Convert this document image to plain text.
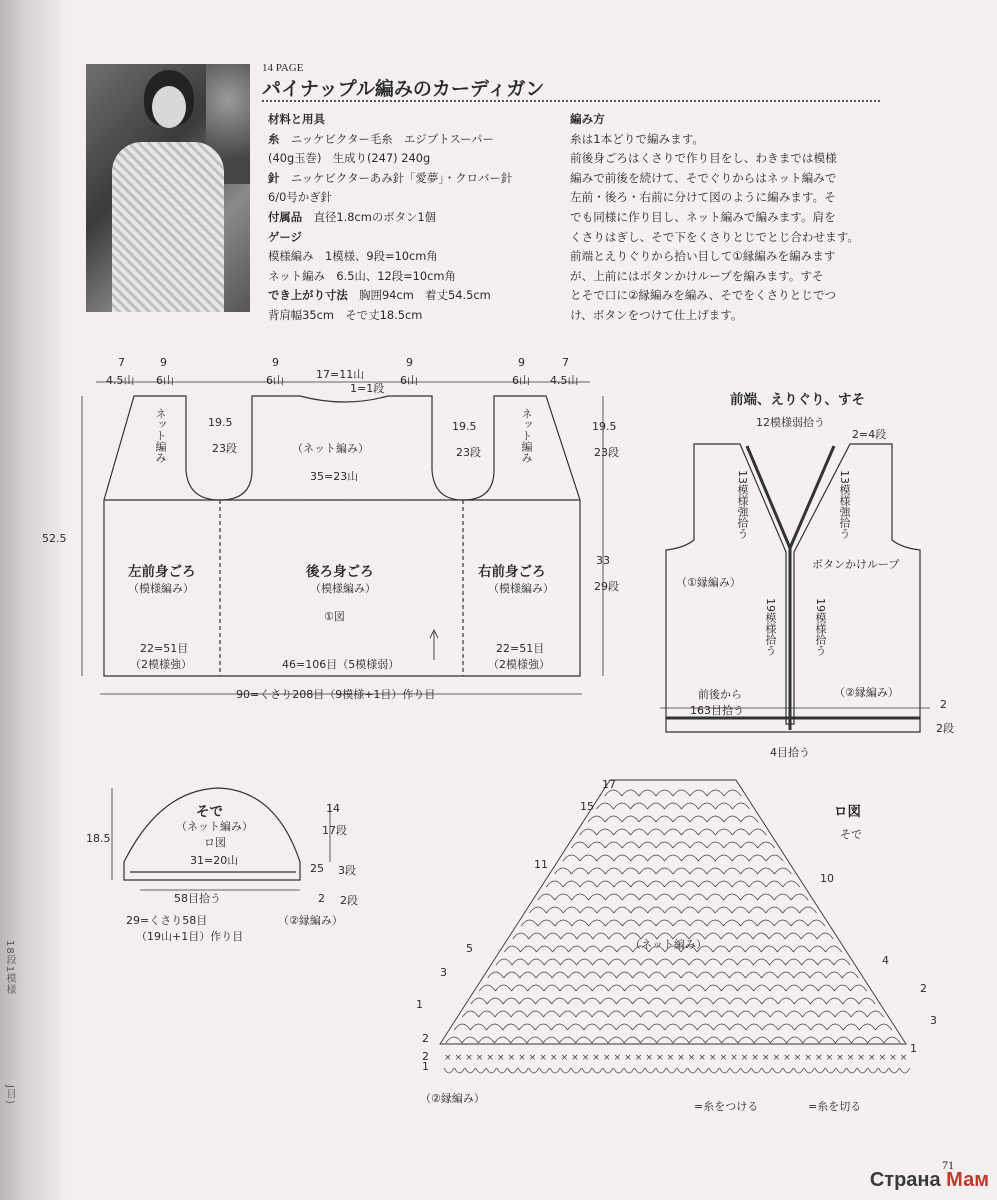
18段1模様
J目)
14 PAGE
パイナップル編みのカーディガン
材料と用具
糸　 ニッケビクター毛糸　エジプトスーパー
(40g玉巻)　生成り(247) 240g
針　 ニッケビクターあみ針「愛夢」・クロバー針
6/0号かぎ針
付属品　 直径1.8cmのボタン1個
ゲージ
模様編み　1模様、9段=10cm角
ネット編み　6.5山、12段=10cm角
でき上がり寸法　 胸囲94cm　着丈54.5cm
背肩幅35cm　そで丈18.5cm
編み方
糸は1本どりで編みます。
前後身ごろはくさりで作り目をし、わきまでは模様
編みで前後を続けて、そでぐりからはネット編みで
左前・後ろ・右前に分けて図のように編みます。そ
でも同様に作り目し、ネット編みで編みます。肩を
くさりはぎし、そで下をくさりとじでとじ合わせます。
前端とえりぐりから拾い目して①縁編みを編みます
が、上前にはボタンかけループを編みます。すそ
とそで口に②縁編みを編み、そでをくさりとじでつ
け、ボタンをつけて仕上げます。
× × × × × × × × × × × × × × × × × × × × × × × × × × × × × × × × × × × × × × × × × × × ×
7
4.5山
9
6山
9
6山	17=11山
1=1段
9
6山
9
6山
7
4.5山
左前身ごろ	後ろ身ごろ	右前身ごろ
（模様編み）	（模様編み）	（模様編み）
（ネット編み）
①図
19.5
23段
19.5
23段
35=23山
52.5
19.5
23段
33
29段
22=51目
（2模様強）	46=106目（5模様弱）
22=51目
（2模様強）
90=くさり208目（9模様+1目）作り目
ネット編み	ネット編み
前端、えりぐり、すそ
12模様弱拾う
2=4段
ボタンかけループ
（①縁編み）
（②縁編み）
前後から
163目拾う
4目拾う
2
2段
13模様強拾う	13模様強拾う
19模様拾う	19模様拾う
そで
（ネット編み）
ロ図
18.5
14
17段
31=20山
25 3段
58目拾う	2 2段
（②縁編み）
29=くさり58目
（19山+1目）作り目
ロ図
そで
（ネット編み）
（②縁編み）
=糸をつける	=糸を切る
17
15
11
5
3
1
2
2
1
10
4
2
3
1
71
Страна Мам
